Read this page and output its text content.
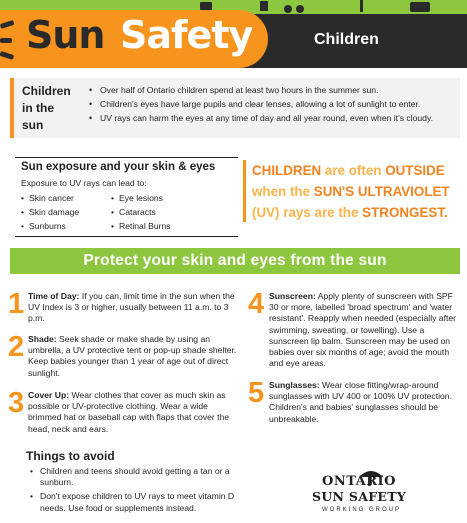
Sun Safety	Children
Children in the sun
• Over half of Ontario children spend at least two hours in the summer sun.
• Children's eyes have large pupils and clear lenses, allowing a lot of sunlight to enter.
• UV rays can harm the eyes at any time of day and all year round, even when it's cloudy.
Sun exposure and your skin & eyes
Exposure to UV rays can lead to:
• Skin cancer
• Skin damage
• Sunburns
• Eye lesions
• Cataracts
• Retinal Burns
CHILDREN are often OUTSIDE
when the SUN'S ULTRAVIOLET
(UV) rays are the STRONGEST.
Protect your skin and eyes from the sun
1 Time of Day: If you can, limit time in the sun when the UV Index is 3 or higher, usually between 11 a.m. to 3 p.m.
2 Shade: Seek shade or make shade by using an umbrella, a UV protective tent or pop-up shade shelter. Keep babies younger than 1 year of age out of direct sunlight.
3 Cover Up: Wear clothes that cover as much skin as possible or UV-protective clothing. Wear a wide brimmed hat or baseball cap with flaps that cover the head, neck and ears.
4 Sunscreen: Apply plenty of sunscreen with SPF 30 or more, labelled 'broad spectrum' and 'water resistant'. Reapply when needed (especially after swimming, sweating, or towelling). Use a sunscreen lip balm. Sunscreen may be used on babies over six months of age; avoid the mouth and eye areas.
5 Sunglasses: Wear close fitting/wrap-around sunglasses with UV 400 or 100% UV protection. Children's and babies' sunglasses should be unbreakable.
Things to avoid
• Children and teens should avoid getting a tan or a sunburn.
• Don't expose children to UV rays to meet vitamin D needs. Use food or supplements instead.
ONTARIO
SUN SAFETY
WORKING GROUP
